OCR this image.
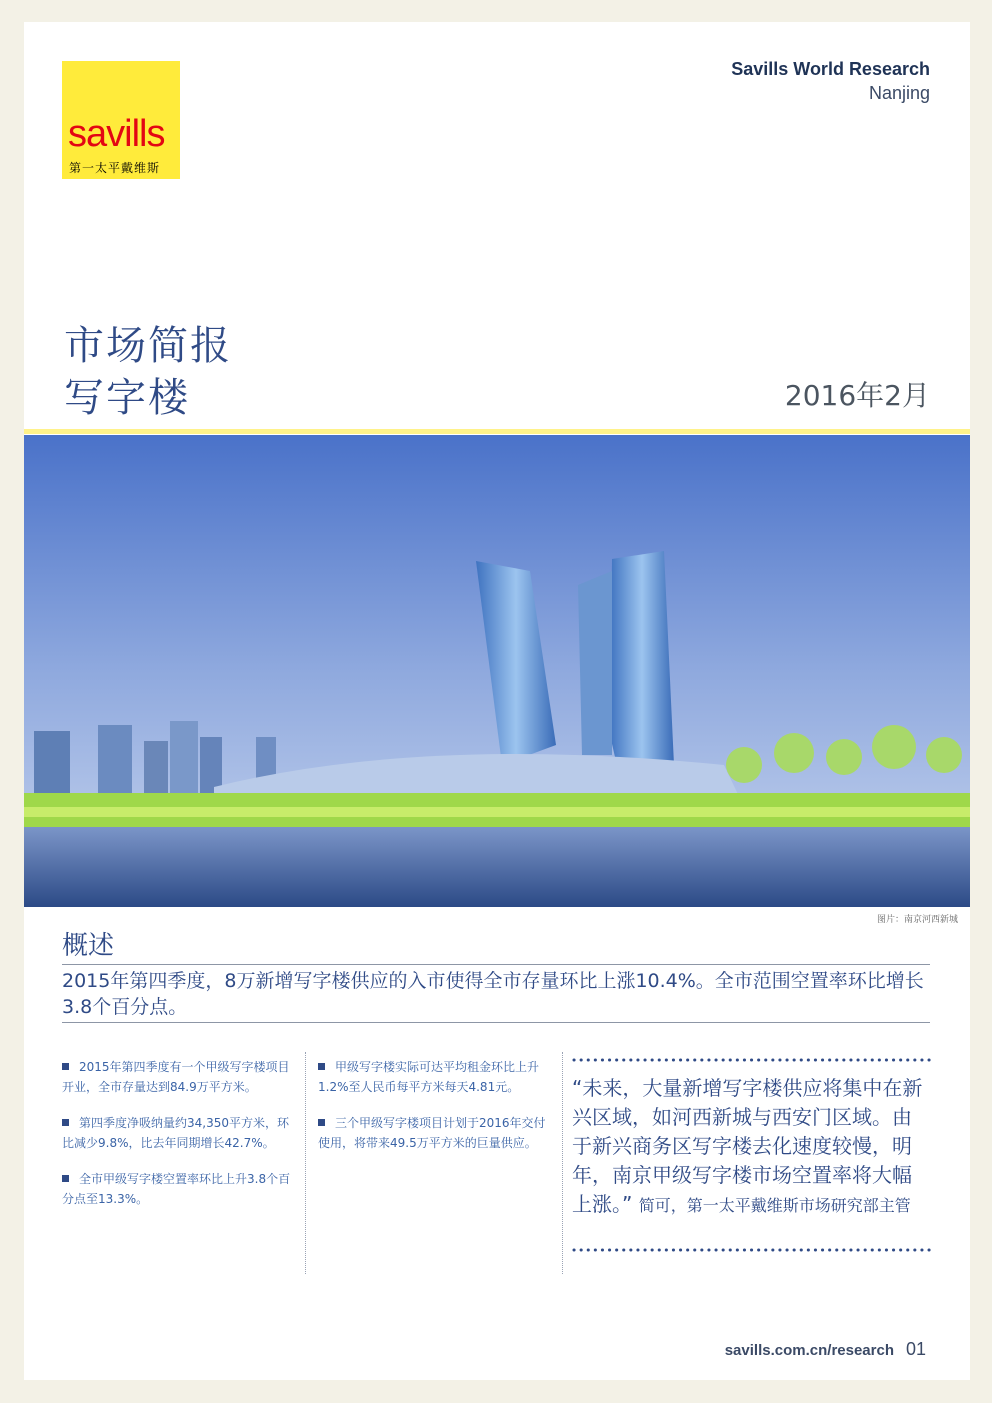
savills
第一太平戴维斯
Savills World Research
Nanjing
市场简报
写字楼	2016年2月
图片：南京河西新城
概述
2015年第四季度，8万新增写字楼供应的入市使得全市存量环比上涨10.4%。全市范围空置率环比增长3.8个百分点。
2015年第四季度有一个甲级写字楼项目开业，全市存量达到84.9万平方米。
第四季度净吸纳量约34,350平方米，环比减少9.8%，比去年同期增长42.7%。
全市甲级写字楼空置率环比上升3.8个百分点至13.3%。
甲级写字楼实际可达平均租金环比上升1.2%至人民币每平方米每天4.81元。
三个甲级写字楼项目计划于2016年交付使用，将带来49.5万平方米的巨量供应。
“未来，大量新增写字楼供应将集中在新兴区域，如河西新城与西安门区域。由于新兴商务区写字楼去化速度较慢，明年，南京甲级写字楼市场空置率将大幅上涨。” 简可，第一太平戴维斯市场研究部主管
savills.com.cn/research 01
